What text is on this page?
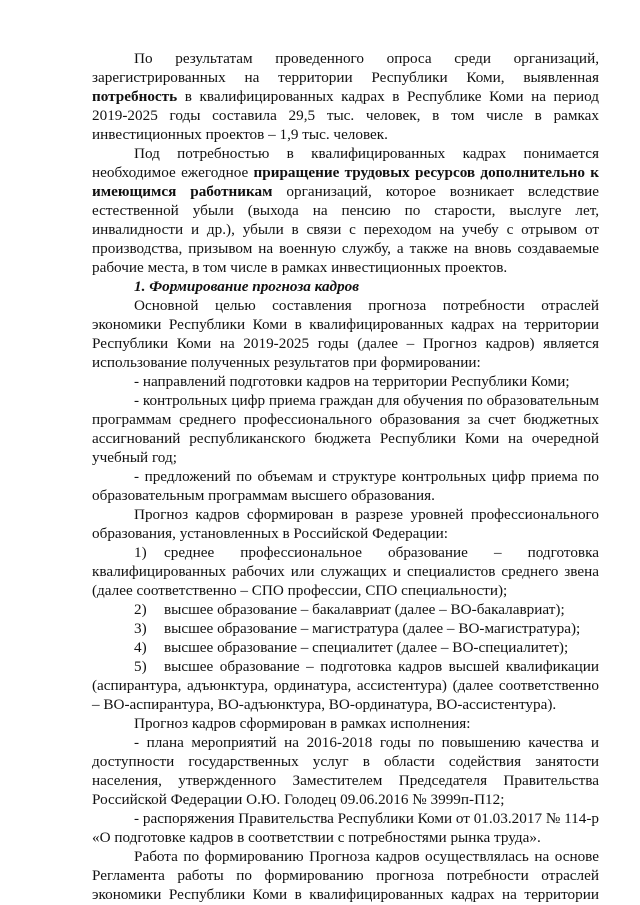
По результатам проведенного опроса среди организаций,
зарегистрированных на территории Республики Коми, выявленная
потребность в квалифицированных кадрах в Республике Коми на период
2019-2025 годы составила 29,5 тыс. человек, в том числе в рамках
инвестиционных проектов – 1,9 тыс. человек.
Под потребностью в квалифицированных кадрах понимается
необходимое ежегодное приращение трудовых ресурсов дополнительно к
имеющимся работникам организаций, которое возникает вследствие
естественной убыли (выхода на пенсию по старости, выслуге лет,
инвалидности и др.), убыли в связи с переходом на учебу с отрывом от
производства, призывом на военную службу, а также на вновь создаваемые
рабочие места, в том числе в рамках инвестиционных проектов.
1. Формирование прогноза кадров
Основной целью составления прогноза потребности отраслей
экономики Республики Коми в квалифицированных кадрах на территории
Республики Коми на 2019-2025 годы (далее – Прогноз кадров) является
использование полученных результатов при формировании:
- направлений подготовки кадров на территории Республики Коми;
- контрольных цифр приема граждан для обучения по образовательным
программам среднего профессионального образования за счет бюджетных
ассигнований республиканского бюджета Республики Коми на очередной
учебный год;
- предложений по объемам и структуре контрольных цифр приема по
образовательным программам высшего образования.
Прогноз кадров сформирован в разрезе уровней профессионального
образования, установленных в Российской Федерации:
1) среднее профессиональное образование – подготовка
квалифицированных рабочих или служащих и специалистов среднего звена
(далее соответственно – СПО профессии, СПО специальности);
2) высшее образование – бакалавриат (далее – ВО-бакалавриат);
3) высшее образование – магистратура (далее – ВО-магистратура);
4) высшее образование – специалитет (далее – ВО-специалитет);
5) высшее образование – подготовка кадров высшей квалификации
(аспирантура, адъюнктура, ординатура, ассистентура) (далее соответственно
– ВО-аспирантура, ВО-адъюнктура, ВО-ординатура, ВО-ассистентура).
Прогноз кадров сформирован в рамках исполнения:
- плана мероприятий на 2016-2018 годы по повышению качества и
доступности государственных услуг в области содействия занятости
населения, утвержденного Заместителем Председателя Правительства
Российской Федерации О.Ю. Голодец 09.06.2016 № 3999п-П12;
- распоряжения Правительства Республики Коми от 01.03.2017 № 114-р
«О подготовке кадров в соответствии с потребностями рынка труда».
Работа по формированию Прогноза кадров осуществлялась на основе
Регламента работы по формированию прогноза потребности отраслей
экономики Республики Коми в квалифицированных кадрах на территории
